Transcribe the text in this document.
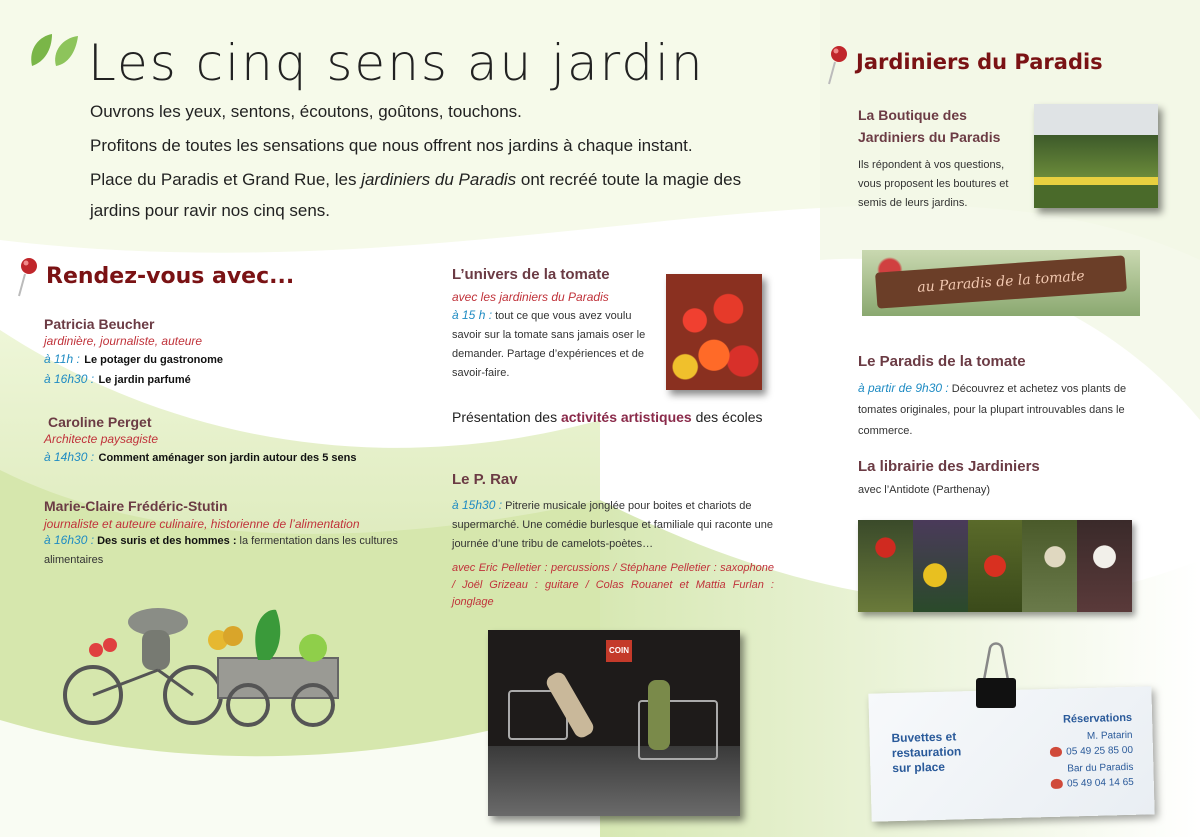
Les cinq sens au jardin
Ouvrons les yeux, sentons, écoutons, goûtons, touchons.
Profitons de toutes les sensations que nous offrent nos jardins à chaque instant.
Place du Paradis et Grand Rue, les jardiniers du Paradis ont recréé toute la magie des jardins pour ravir nos cinq sens.
Rendez-vous avec...
Patricia Beucher
jardinière, journaliste, auteure
à 11h : Le potager du gastronome
à 16h30 : Le jardin parfumé
Caroline Perget
Architecte paysagiste
à 14h30 : Comment aménager son jardin autour des 5 sens
Marie-Claire Frédéric-Stutin
journaliste et auteure culinaire, historienne de l’alimentation
à 16h30 : Des suris et des hommes : la fermentation dans les cultures alimentaires
L’univers de la tomate
avec les jardiniers du Paradis
à 15 h : tout ce que vous avez voulu savoir sur la tomate sans jamais oser le demander. Partage d’expériences et de savoir-faire.
Présentation des activités artistiques des écoles
Le P. Rav
à 15h30 : Pitrerie musicale jonglée pour boites et chariots de supermarché. Une comédie burlesque et familiale qui raconte une journée d’une tribu de camelots-poètes…
avec Eric Pelletier : percussions / Stéphane Pelletier : saxophone / Joël Grizeau : guitare / Colas Rouanet et Mattia Furlan : jonglage
COIN
Jardiniers du Paradis
La Boutique des
Jardiniers du Paradis
Ils répondent à vos questions, vous proposent les boutures et semis de leurs jardins.
au Paradis de la tomate
Le Paradis de la tomate
à partir de 9h30 : Découvrez et achetez vos plants de tomates originales, pour la plupart introuvables dans le commerce.
La librairie des Jardiniers
avec l’Antidote (Parthenay)
Buvettes et restauration sur place
Réservations
M. Patarin
05 49 25 85 00
Bar du Paradis
05 49 04 14 65
